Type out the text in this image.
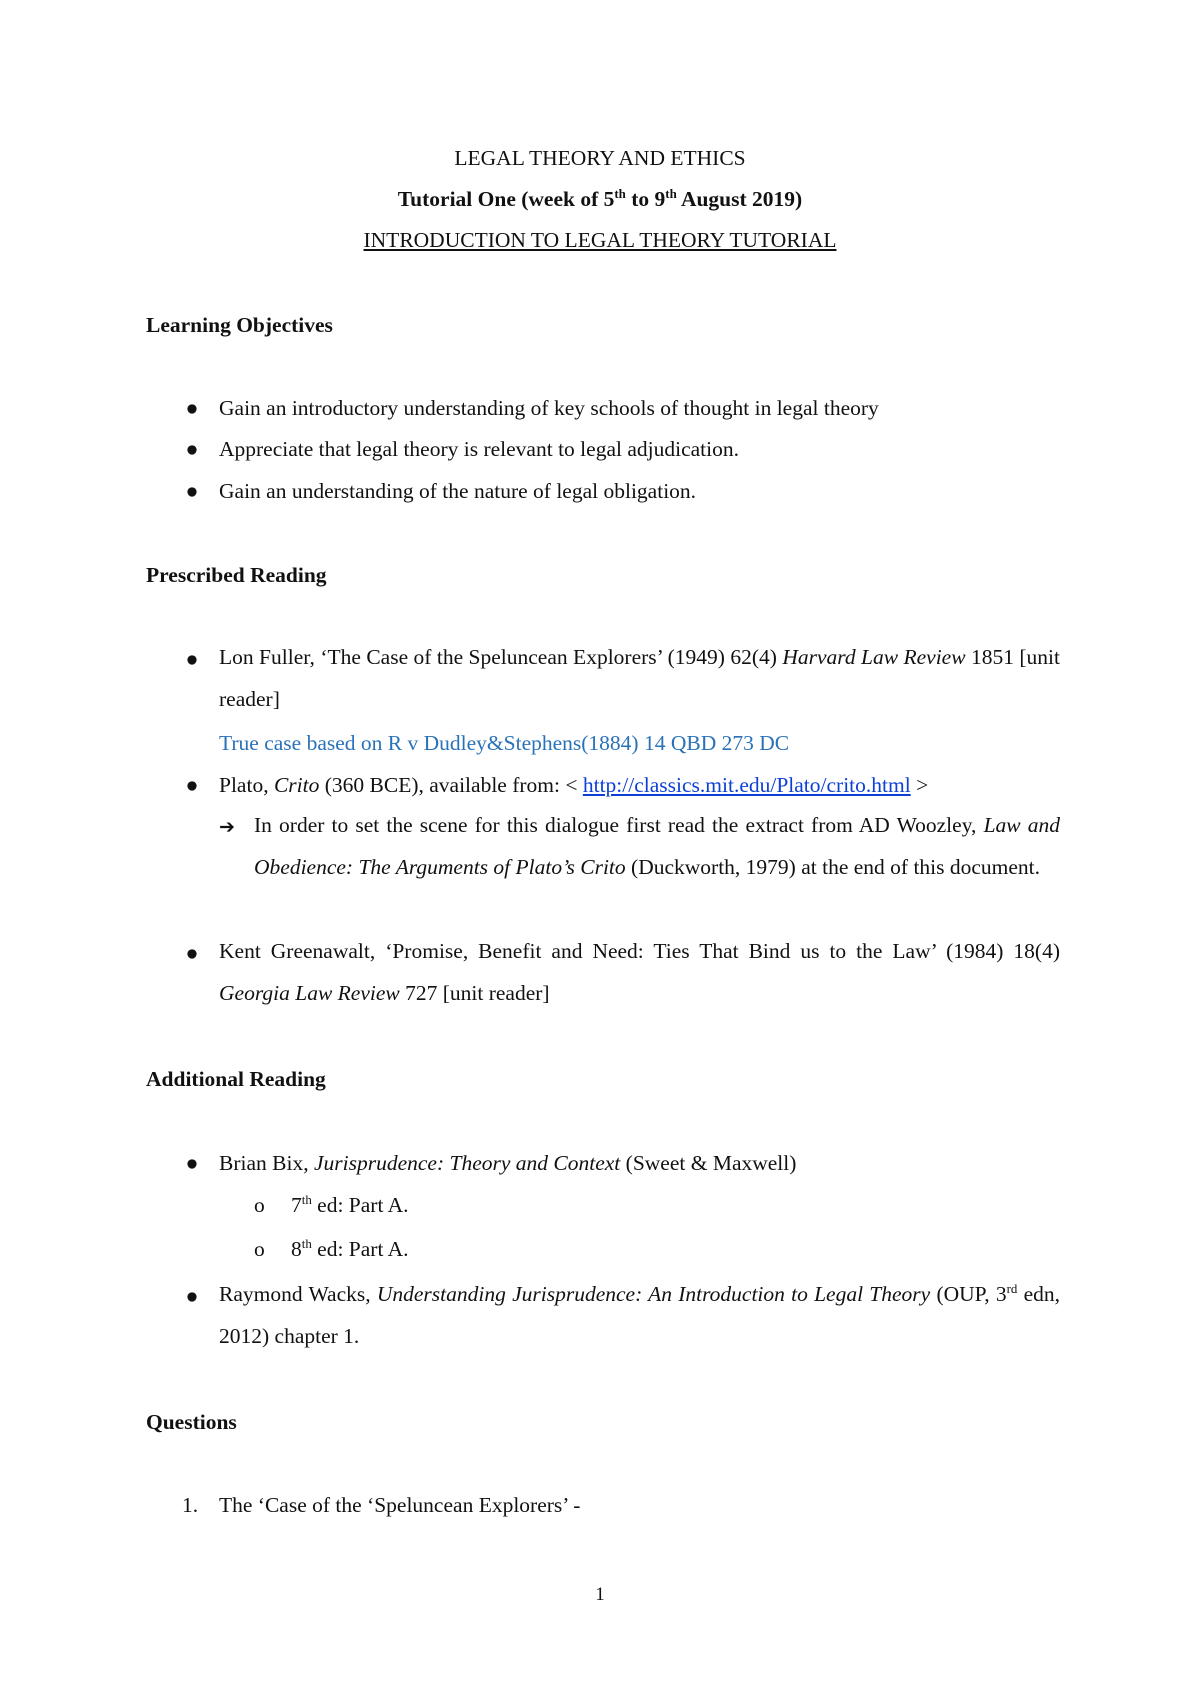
LEGAL THEORY AND ETHICS
Tutorial One (week of 5th to 9th August 2019)
INTRODUCTION TO LEGAL THEORY TUTORIAL
Learning Objectives
● Gain an introductory understanding of key schools of thought in legal theory
● Appreciate that legal theory is relevant to legal adjudication.
● Gain an understanding of the nature of legal obligation.
Prescribed Reading
● Lon Fuller, ‘The Case of the Speluncean Explorers’ (1949) 62(4) Harvard Law Review 1851 [unit reader]
True case based on R v Dudley&Stephens(1884) 14 QBD 273 DC
● Plato, Crito (360 BCE), available from: < http://classics.mit.edu/Plato/crito.html >
➔ In order to set the scene for this dialogue first read the extract from AD Woozley, Law and Obedience: The Arguments of Plato’s Crito (Duckworth, 1979) at the end of this document.
● Kent Greenawalt, ‘Promise, Benefit and Need: Ties That Bind us to the Law’ (1984) 18(4) Georgia Law Review 727 [unit reader]
Additional Reading
● Brian Bix, Jurisprudence: Theory and Context (Sweet & Maxwell)
o 7th ed: Part A.
o 8th ed: Part A.
● Raymond Wacks, Understanding Jurisprudence: An Introduction to Legal Theory (OUP, 3rd edn, 2012) chapter 1.
Questions
1. The ‘Case of the ‘Speluncean Explorers’ -
1
